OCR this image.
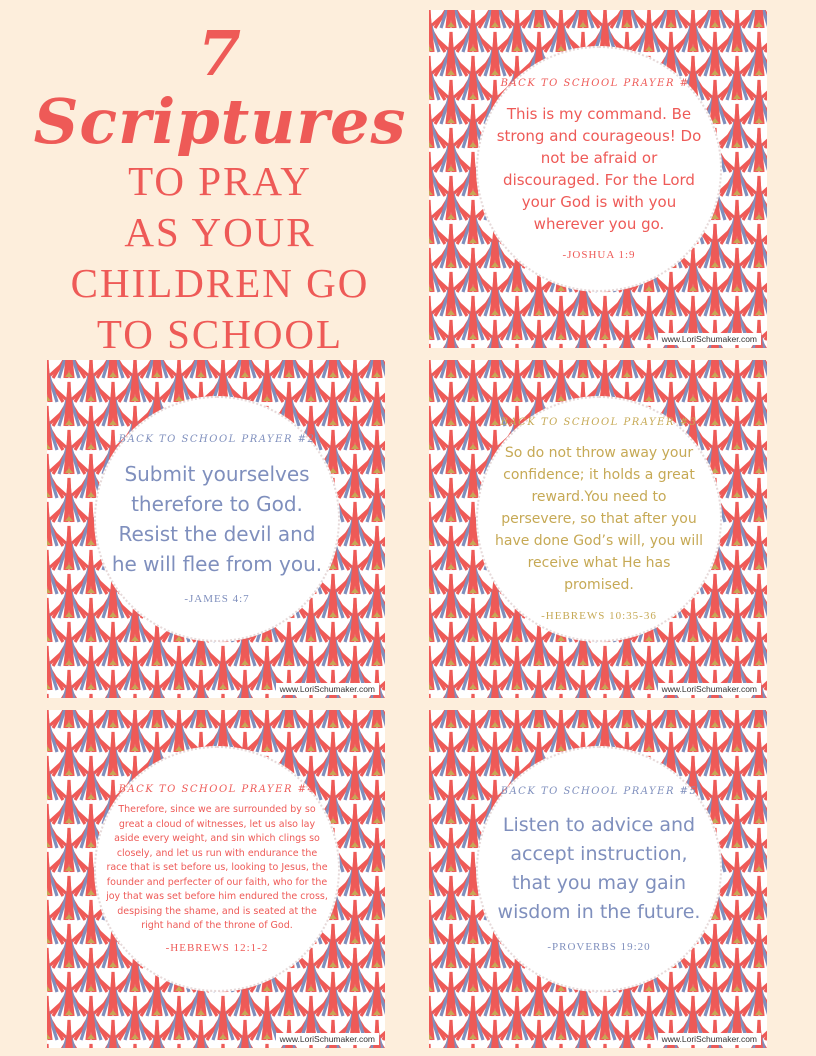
7 Scriptures
TO PRAY
AS YOUR
CHILDREN GO
TO SCHOOL
BACK TO SCHOOL PRAYER #1
This is my command. Be strong and courageous! Do not be afraid or discouraged. For the Lord your God is with you wherever you go.
-JOSHUA 1:9
www.LoriSchumaker.com
BACK TO SCHOOL PRAYER #2
Submit yourselves therefore to God. Resist the devil and he will flee from you.
-JAMES 4:7
www.LoriSchumaker.com
BACK TO SCHOOL PRAYER #3
So do not throw away your confidence; it holds a great reward.You need to persevere, so that after you have done God’s will, you will receive what He has promised.
-HEBREWS 10:35-36
www.LoriSchumaker.com
BACK TO SCHOOL PRAYER #4
Therefore, since we are surrounded by so great a cloud of witnesses, let us also lay aside every weight, and sin which clings so closely, and let us run with endurance the race that is set before us, looking to Jesus, the founder and perfecter of our faith, who for the joy that was set before him endured the cross, despising the shame, and is seated at the right hand of the throne of God.
-HEBREWS 12:1-2
www.LoriSchumaker.com
BACK TO SCHOOL PRAYER #5
Listen to advice and accept instruction, that you may gain wisdom in the future.
-PROVERBS 19:20
www.LoriSchumaker.com
